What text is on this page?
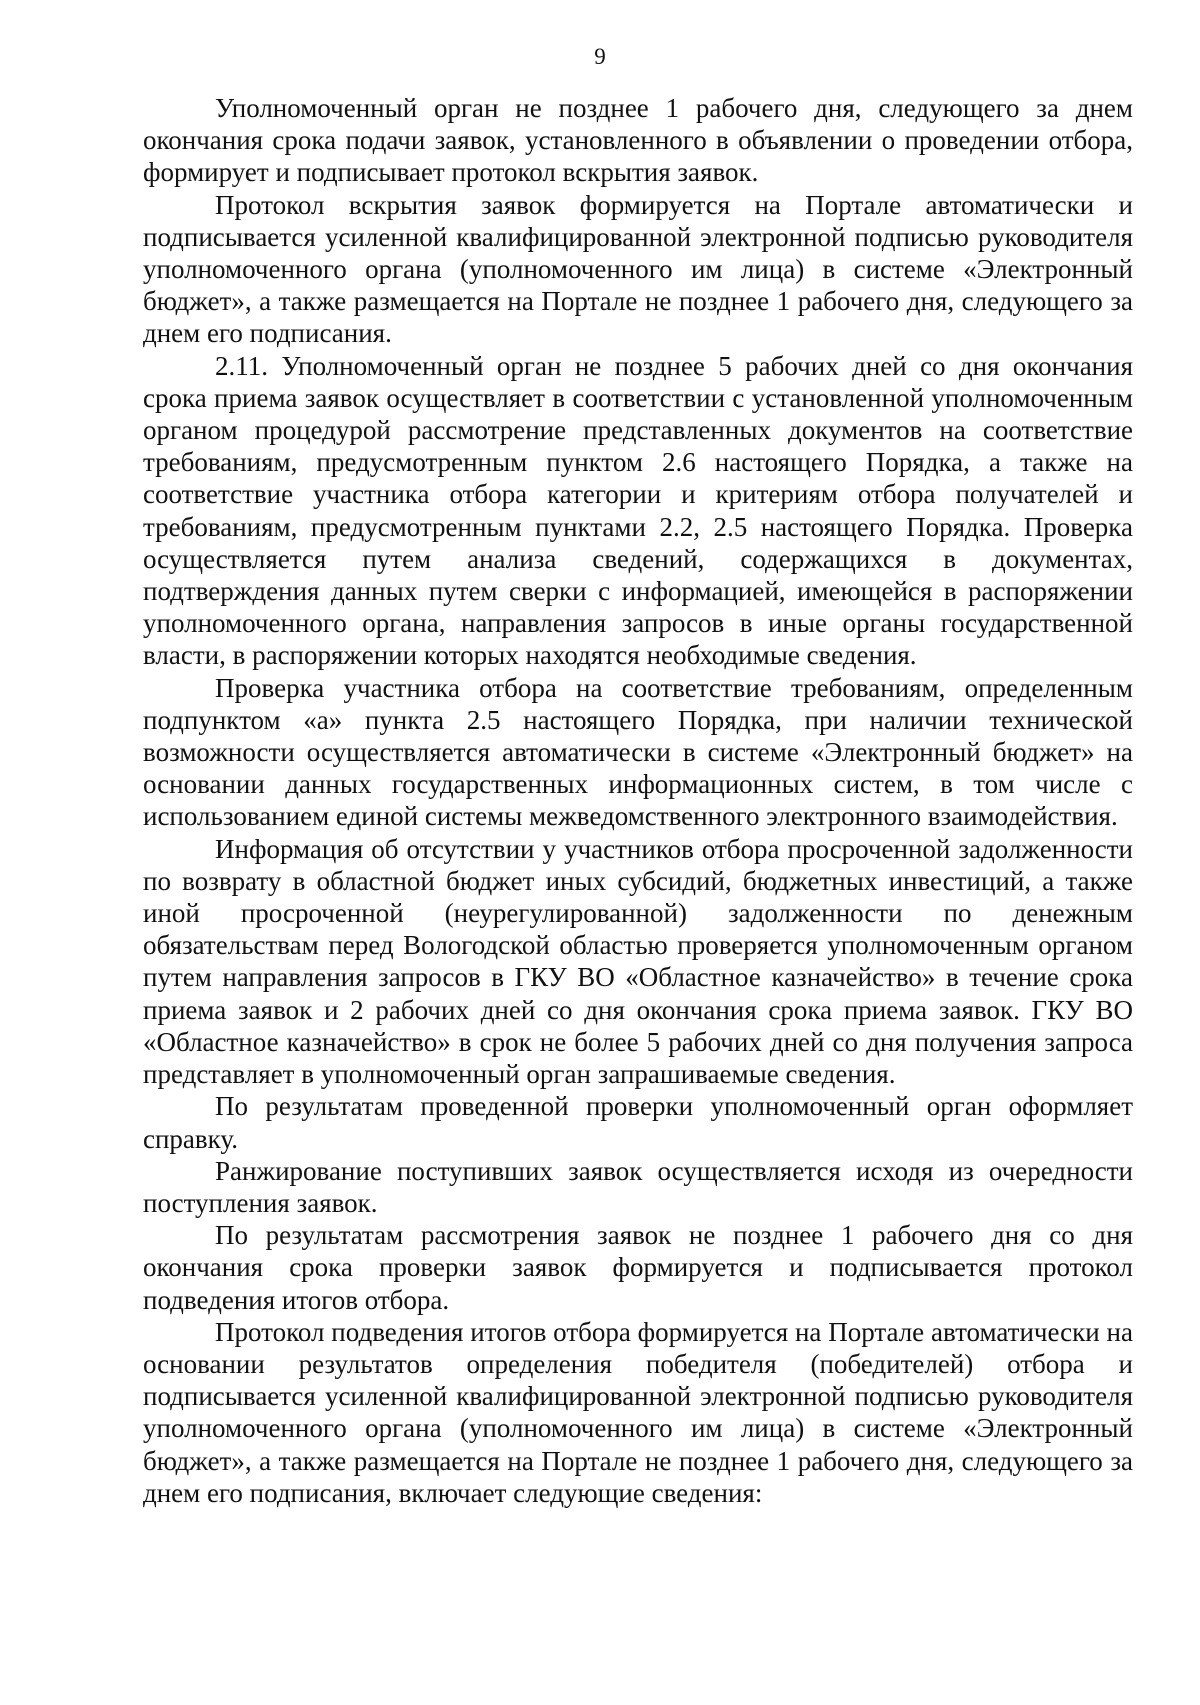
9

Уполномоченный орган не позднее 1 рабочего дня, следующего за днем окончания срока подачи заявок, установленного в объявлении о проведении отбора, формирует и подписывает протокол вскрытия заявок.

Протокол вскрытия заявок формируется на Портале автоматически и подписывается усиленной квалифицированной электронной подписью руководителя уполномоченного органа (уполномоченного им лица) в системе «Электронный бюджет», а также размещается на Портале не позднее 1 рабочего дня, следующего за днем его подписания.

2.11. Уполномоченный орган не позднее 5 рабочих дней со дня окончания срока приема заявок осуществляет в соответствии с установленной уполномоченным органом процедурой рассмотрение представленных документов на соответствие требованиям, предусмотренным пунктом 2.6 настоящего Порядка, а также на соответствие участника отбора категории и критериям отбора получателей и требованиям, предусмотренным пунктами 2.2, 2.5 настоящего Порядка. Проверка осуществляется путем анализа сведений, содержащихся в документах, подтверждения данных путем сверки с информацией, имеющейся в распоряжении уполномоченного органа, направления запросов в иные органы государственной власти, в распоряжении которых находятся необходимые сведения.

Проверка участника отбора на соответствие требованиям, определенным подпунктом «а» пункта 2.5 настоящего Порядка, при наличии технической возможности осуществляется автоматически в системе «Электронный бюджет» на основании данных государственных информационных систем, в том числе с использованием единой системы межведомственного электронного взаимодействия.

Информация об отсутствии у участников отбора просроченной задолженности по возврату в областной бюджет иных субсидий, бюджетных инвестиций, а также иной просроченной (неурегулированной) задолженности по денежным обязательствам перед Вологодской областью проверяется уполномоченным органом путем направления запросов в ГКУ ВО «Областное казначейство» в течение срока приема заявок и 2 рабочих дней со дня окончания срока приема заявок. ГКУ ВО «Областное казначейство» в срок не более 5 рабочих дней со дня получения запроса представляет в уполномоченный орган запрашиваемые сведения.

По результатам проведенной проверки уполномоченный орган оформляет справку.

Ранжирование поступивших заявок осуществляется исходя из очередности поступления заявок.

По результатам рассмотрения заявок не позднее 1 рабочего дня со дня окончания срока проверки заявок формируется и подписывается протокол подведения итогов отбора.

Протокол подведения итогов отбора формируется на Портале автоматически на основании результатов определения победителя (победителей) отбора и подписывается усиленной квалифицированной электронной подписью руководителя уполномоченного органа (уполномоченного им лица) в системе «Электронный бюджет», а также размещается на Портале не позднее 1 рабочего дня, следующего за днем его подписания, включает следующие сведения:
